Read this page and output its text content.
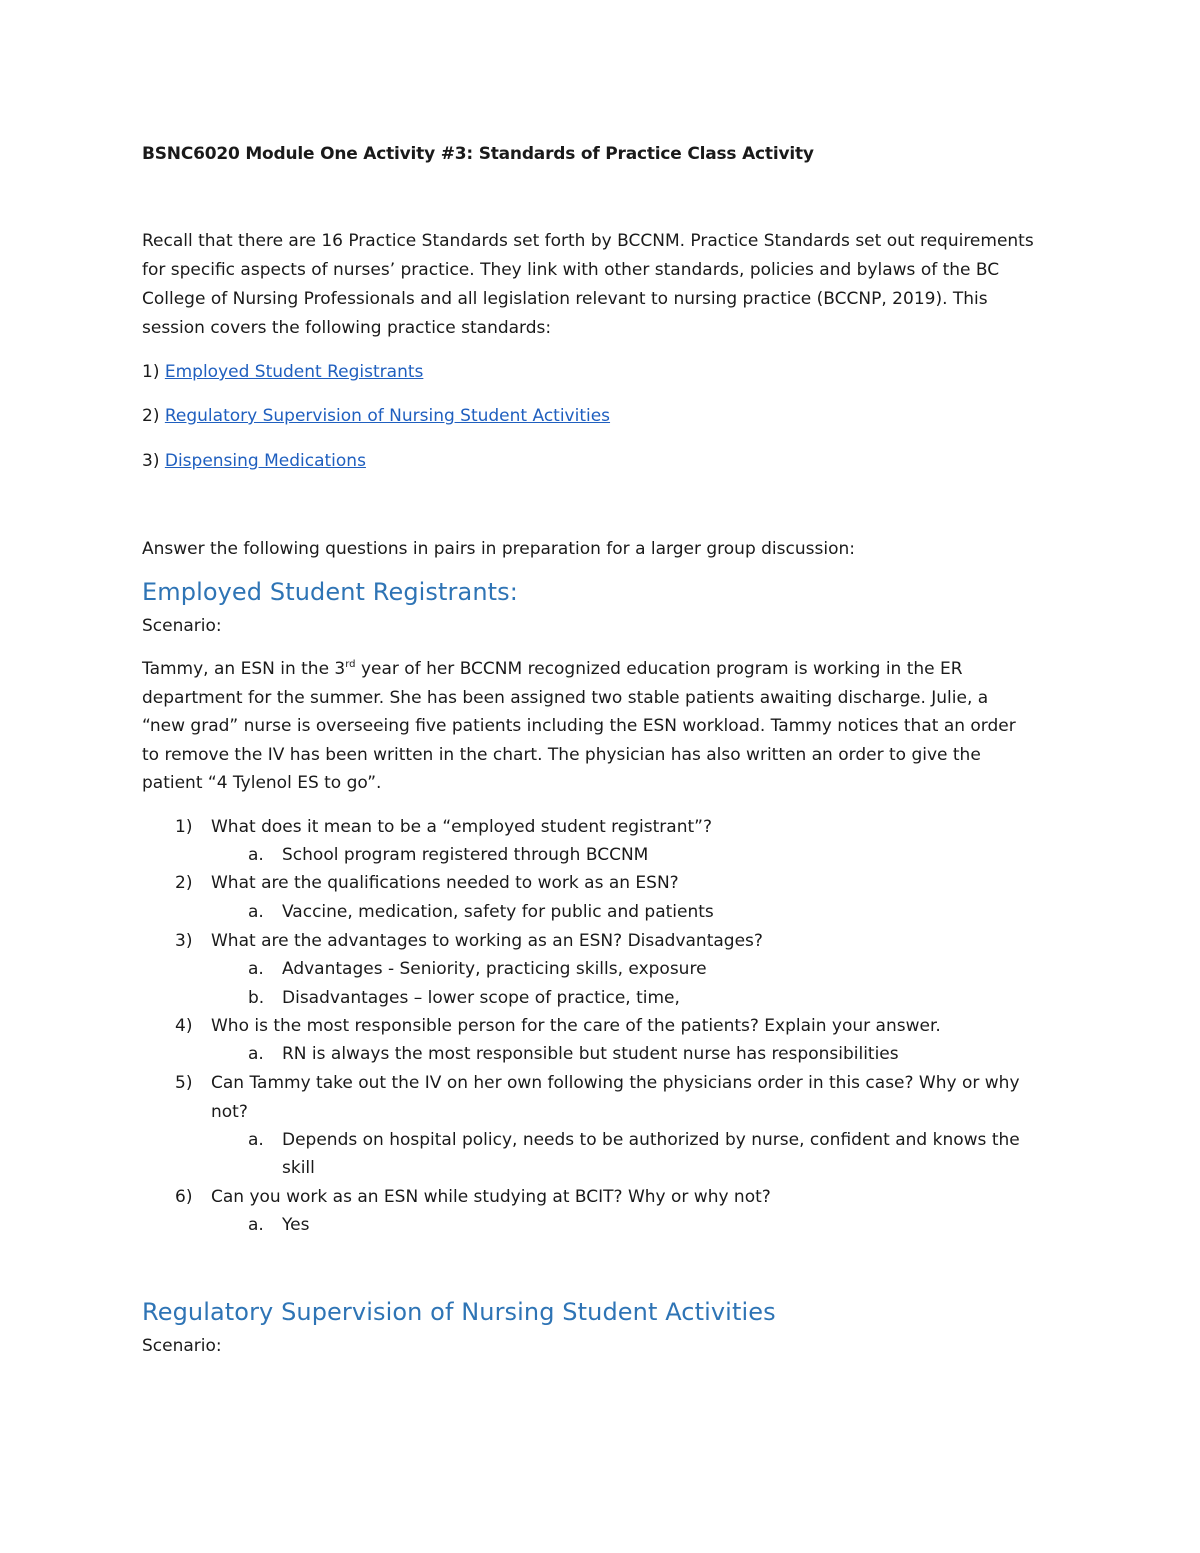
BSNC6020 Module One Activity #3: Standards of Practice Class Activity
Recall that there are 16 Practice Standards set forth by BCCNM. Practice Standards set out requirements
for specific aspects of nurses’ practice. They link with other standards, policies and bylaws of the BC
College of Nursing Professionals and all legislation relevant to nursing practice (BCCNP, 2019). This
session covers the following practice standards:
1) Employed Student Registrants
2) Regulatory Supervision of Nursing Student Activities
3) Dispensing Medications
Answer the following questions in pairs in preparation for a larger group discussion:
Employed Student Registrants:
Scenario:
Tammy, an ESN in the 3rd year of her BCCNM recognized education program is working in the ER
department for the summer. She has been assigned two stable patients awaiting discharge. Julie, a
“new grad” nurse is overseeing five patients including the ESN workload. Tammy notices that an order
to remove the IV has been written in the chart. The physician has also written an order to give the
patient “4 Tylenol ES to go”.
1) What does it mean to be a “employed student registrant”?
a. School program registered through BCCNM
2) What are the qualifications needed to work as an ESN?
a. Vaccine, medication, safety for public and patients
3) What are the advantages to working as an ESN? Disadvantages?
a. Advantages - Seniority, practicing skills, exposure
b. Disadvantages – lower scope of practice, time,
4) Who is the most responsible person for the care of the patients? Explain your answer.
a. RN is always the most responsible but student nurse has responsibilities
5) Can Tammy take out the IV on her own following the physicians order in this case? Why or why
not?
a. Depends on hospital policy, needs to be authorized by nurse, confident and knows the
skill
6) Can you work as an ESN while studying at BCIT? Why or why not?
a. Yes
Regulatory Supervision of Nursing Student Activities
Scenario:
